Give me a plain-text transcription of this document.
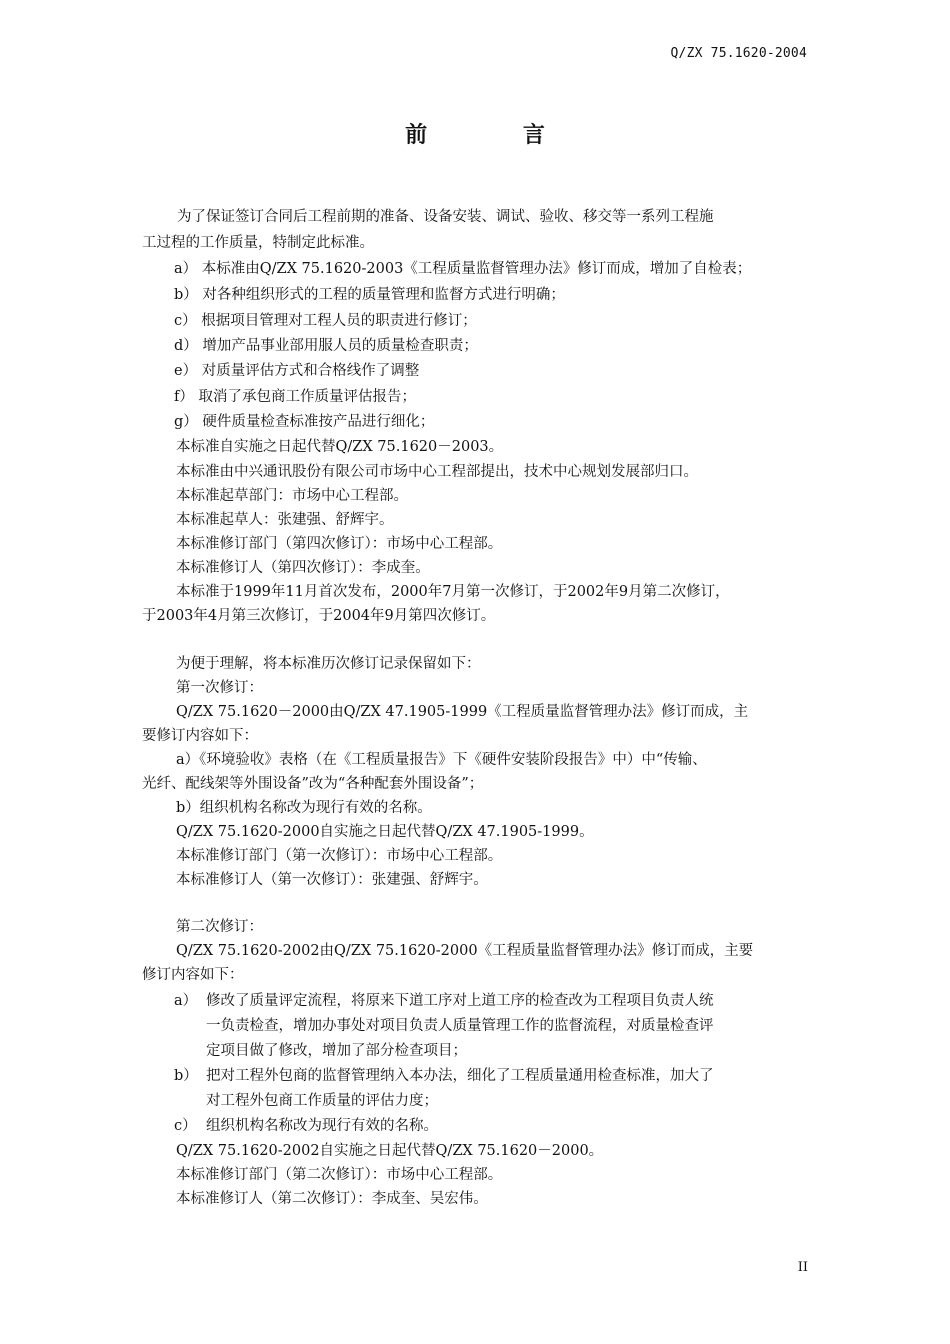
Q/ZX 75.1620-2004
前 言
为了保证签订合同后工程前期的准备、设备安装、调试、验收、移交等一系列工程施
工过程的工作质量，特制定此标准。
a） 本标准由Q/ZX 75.1620-2003《工程质量监督管理办法》修订而成，增加了自检表；
b） 对各种组织形式的工程的质量管理和监督方式进行明确；
c） 根据项目管理对工程人员的职责进行修订；
d） 增加产品事业部用服人员的质量检查职责；
e） 对质量评估方式和合格线作了调整
f） 取消了承包商工作质量评估报告；
g） 硬件质量检查标准按产品进行细化；
本标准自实施之日起代替Q/ZX 75.1620－2003。
本标准由中兴通讯股份有限公司市场中心工程部提出，技术中心规划发展部归口。
本标准起草部门：市场中心工程部。
本标准起草人：张建强、舒辉宇。
本标准修订部门（第四次修订）：市场中心工程部。
本标准修订人（第四次修订）：李成奎。
本标准于1999年11月首次发布，2000年7月第一次修订，于2002年9月第二次修订，
于2003年4月第三次修订，于2004年9月第四次修订。
为便于理解，将本标准历次修订记录保留如下：
第一次修订：
Q/ZX 75.1620－2000由Q/ZX 47.1905-1999《工程质量监督管理办法》修订而成，主
要修订内容如下：
a）《环境验收》表格（在《工程质量报告》下《硬件安装阶段报告》中）中“传输、
光纤、配线架等外围设备”改为“各种配套外围设备”；
b）组织机构名称改为现行有效的名称。
Q/ZX 75.1620-2000自实施之日起代替Q/ZX 47.1905-1999。
本标准修订部门（第一次修订）：市场中心工程部。
本标准修订人（第一次修订）：张建强、舒辉宇。
第二次修订：
Q/ZX 75.1620-2002由Q/ZX 75.1620-2000《工程质量监督管理办法》修订而成，主要
修订内容如下：
a） 修改了质量评定流程，将原来下道工序对上道工序的检查改为工程项目负责人统
一负责检查，增加办事处对项目负责人质量管理工作的监督流程，对质量检查评
定项目做了修改，增加了部分检查项目；
b） 把对工程外包商的监督管理纳入本办法，细化了工程质量通用检查标准，加大了
对工程外包商工作质量的评估力度；
c） 组织机构名称改为现行有效的名称。
Q/ZX 75.1620-2002自实施之日起代替Q/ZX 75.1620－2000。
本标准修订部门（第二次修订）：市场中心工程部。
本标准修订人（第二次修订）：李成奎、吴宏伟。
II
